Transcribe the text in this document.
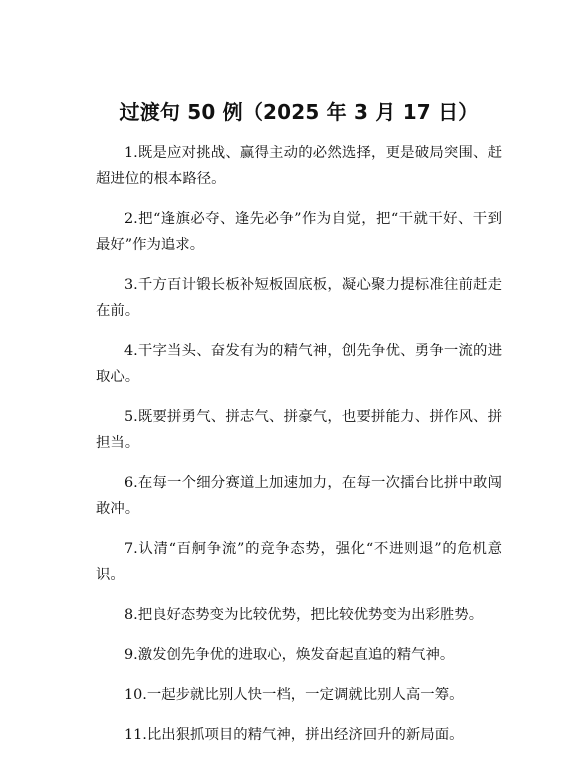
过渡句 50 例（2025 年 3 月 17 日）
1.既是应对挑战、赢得主动的必然选择，更是破局突围、赶超进位的根本路径。
2.把“逢旗必夺、逢先必争”作为自觉，把“干就干好、干到最好”作为追求。
3.千方百计锻长板补短板固底板，凝心聚力提标准往前赶走在前。
4.干字当头、奋发有为的精气神，创先争优、勇争一流的进取心。
5.既要拼勇气、拼志气、拼豪气，也要拼能力、拼作风、拼担当。
6.在每一个细分赛道上加速加力，在每一次擂台比拼中敢闯敢冲。
7.认清“百舸争流”的竞争态势，强化“不进则退”的危机意识。
8.把良好态势变为比较优势，把比较优势变为出彩胜势。
9.激发创先争优的进取心，焕发奋起直追的精气神。
10.一起步就比别人快一档，一定调就比别人高一筹。
11.比出狠抓项目的精气神，拼出经济回升的新局面。
